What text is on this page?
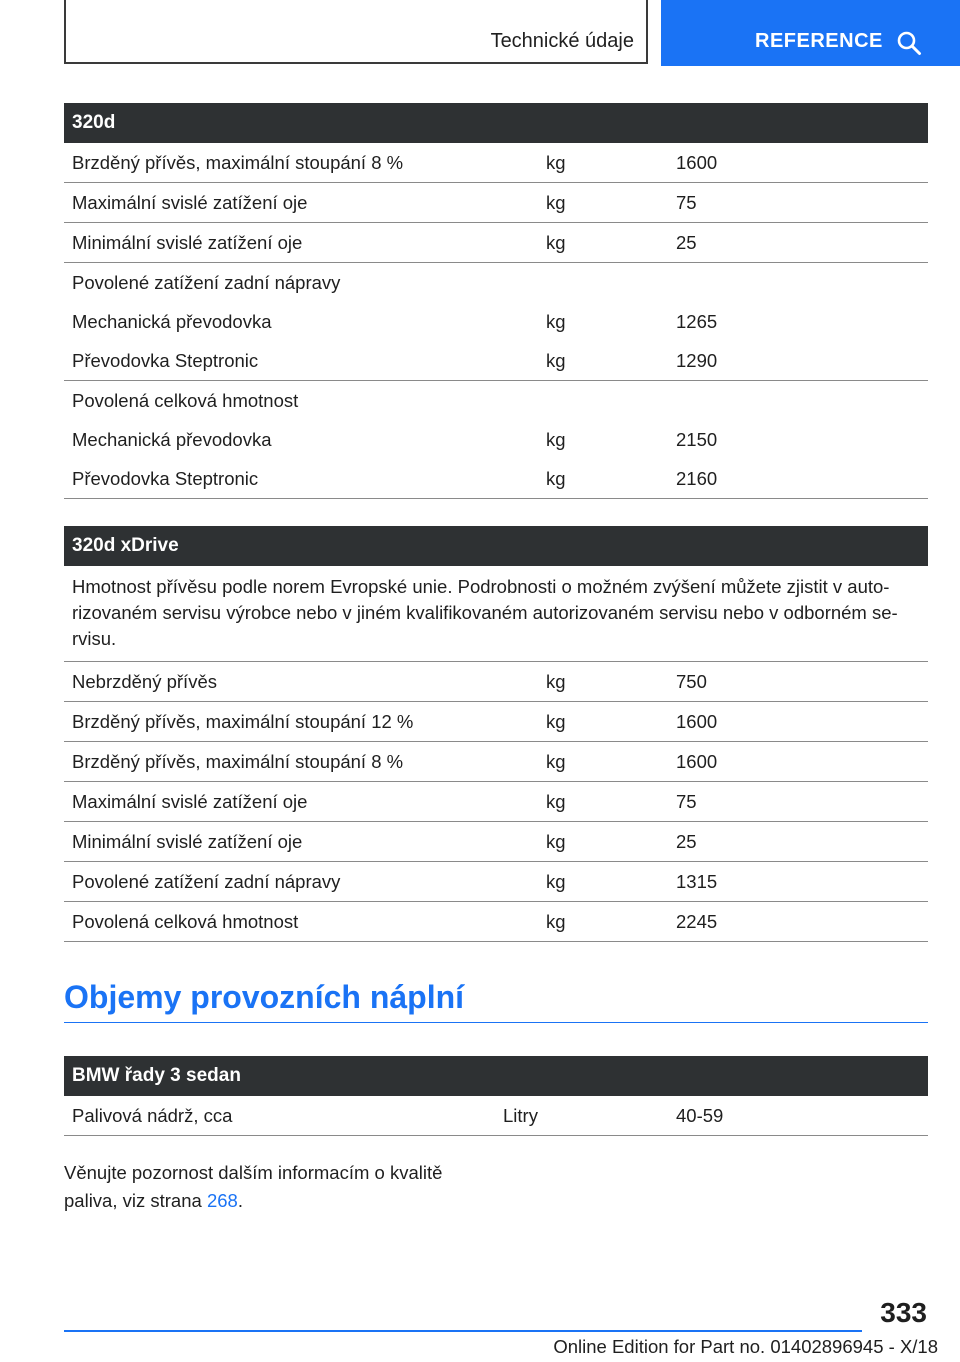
Technické údaje	REFERENCE
320d
Brzděný přívěs, maximální stoupání 8 %	kg	1600
Maximální svislé zatížení oje	kg	75
Minimální svislé zatížení oje	kg	25
Povolené zatížení zadní nápravy
Mechanická převodovka	kg	1265
Převodovka Steptronic	kg	1290
Povolená celková hmotnost
Mechanická převodovka	kg	2150
Převodovka Steptronic	kg	2160
320d xDrive
Hmotnost přívěsu podle norem Evropské unie. Podrobnosti o možném zvýšení můžete zjistit v auto-
rizovaném servisu výrobce nebo v jiném kvalifikovaném autorizovaném servisu nebo v odborném se-
rvisu.
Nebrzděný přívěs	kg	750
Brzděný přívěs, maximální stoupání 12 %	kg	1600
Brzděný přívěs, maximální stoupání 8 %	kg	1600
Maximální svislé zatížení oje	kg	75
Minimální svislé zatížení oje	kg	25
Povolené zatížení zadní nápravy	kg	1315
Povolená celková hmotnost	kg	2245
Objemy provozních náplní
BMW řady 3 sedan
Palivová nádrž, cca	Litry	40-59
Věnujte pozornost dalším informacím o kvalitě
paliva, viz strana 268.
333
Online Edition for Part no. 01402896945 - X/18
